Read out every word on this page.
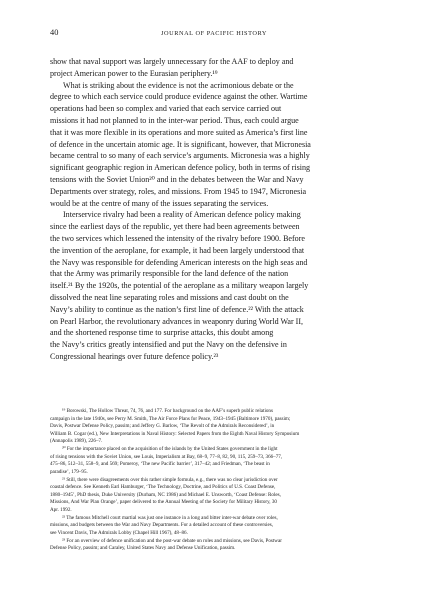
40	JOURNAL OF PACIFIC HISTORY
show that naval support was largely unnecessary for the AAF to deploy and
project American power to the Eurasian periphery.¹⁹
What is striking about the evidence is not the acrimonious debate or the
degree to which each service could produce evidence against the other. Wartime
operations had been so complex and varied that each service carried out
missions it had not planned to in the inter-war period. Thus, each could argue
that it was more flexible in its operations and more suited as America’s first line
of defence in the uncertain atomic age. It is significant, however, that Micronesia
became central to so many of each service’s arguments. Micronesia was a highly
significant geographic region in American defence policy, both in terms of rising
tensions with the Soviet Union²⁰ and in the debates between the War and Navy
Departments over strategy, roles, and missions. From 1945 to 1947, Micronesia
would be at the centre of many of the issues separating the services.
Interservice rivalry had been a reality of American defence policy making
since the earliest days of the republic, yet there had been agreements between
the two services which lessened the intensity of the rivalry before 1900. Before
the invention of the aeroplane, for example, it had been largely understood that
the Navy was responsible for defending American interests on the high seas and
that the Army was primarily responsible for the land defence of the nation
itself.²¹ By the 1920s, the potential of the aeroplane as a military weapon largely
dissolved the neat line separating roles and missions and cast doubt on the
Navy’s ability to continue as the nation’s first line of defence.²² With the attack
on Pearl Harbor, the revolutionary advances in weaponry during World War II,
and the shortened response time to surprise attacks, this doubt among
the Navy’s critics greatly intensified and put the Navy on the defensive in
Congressional hearings over future defence policy.²³
¹⁹ Borowski, The Hollow Threat, 74, 76, and 177. For background on the AAF’s superb public relations
campaign in the late 1940s, see Perry M. Smith, The Air Force Plans for Peace, 1943–1945 (Baltimore 1970), passim;
Davis, Postwar Defense Policy, passim; and Jeffery G. Barlow, ‘The Revolt of the Admirals Reconsidered’, in
William B. Cogar (ed.), New Interpretations in Naval History: Selected Papers from the Eighth Naval History Symposium
(Annapolis 1989), 226–7.
²⁰ For the importance placed on the acquisition of the islands by the United States government in the light
of rising tensions with the Soviet Union, see Louis, Imperialism at Bay, 68–9, 77–8, 82, 90, 115, 259–73, 366–77,
475–86, 512–31, 558–9, and 569; Pomeroy, ‘The new Pacific barrier’, 317–42; and Friedman, ‘The beast in
paradise’, 179–95.
²¹ Still, there were disagreements over this rather simple formula, e.g., there was no clear jurisdiction over
coastal defence. See Kenneth Earl Hamburger, ‘The Technology, Doctrine, and Politics of U.S. Coast Defense,
1880–1945’, PhD thesis, Duke University (Durham, NC 1986) and Michael E. Unsworth, ‘Coast Defense: Roles,
Missions, And War Plan Orange’, paper delivered to the Annual Meeting of the Society for Military History, 30
Apr. 1992.
²² The famous Mitchell court martial was just one instance in a long and bitter inter-war debate over roles,
missions, and budgets between the War and Navy Departments. For a detailed account of these controversies,
see Vincent Davis, The Admirals Lobby (Chapel Hill 1967), 48–86.
²³ For an overview of defence unification and the post-war debate on roles and missions, see Davis, Postwar
Defense Policy, passim; and Caraley, United States Navy and Defense Unification, passim.
